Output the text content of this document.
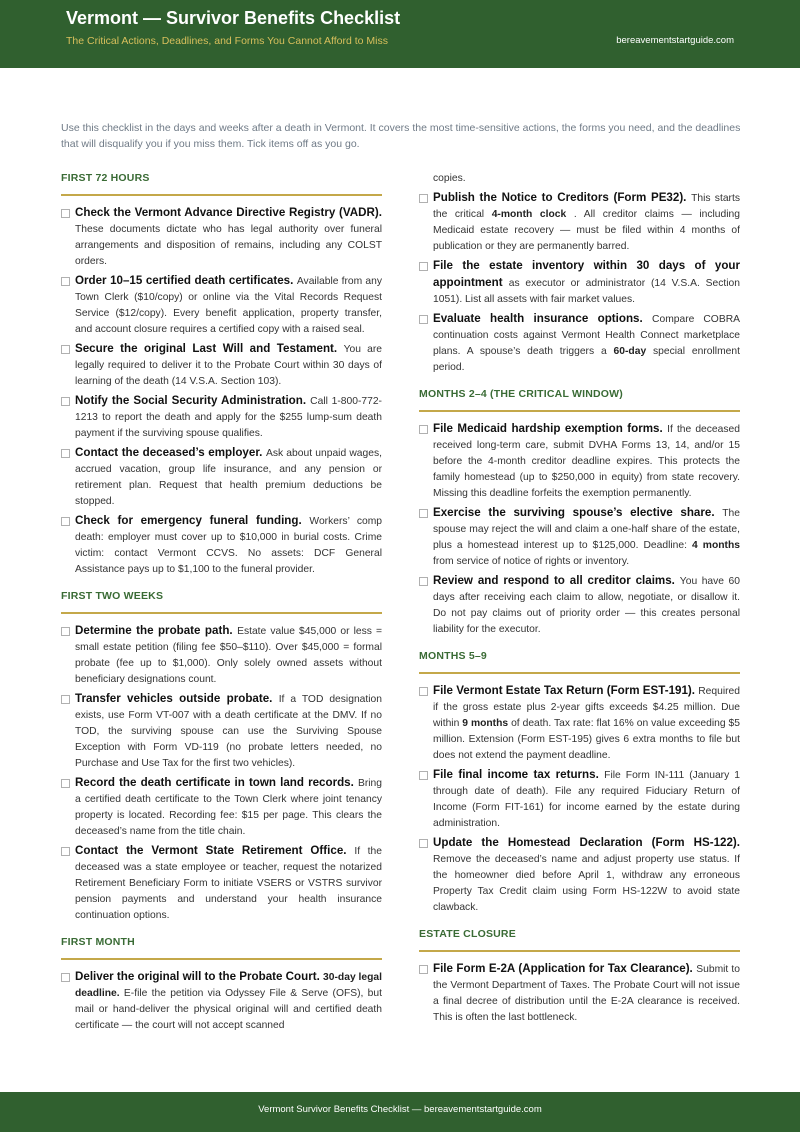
Vermont — Survivor Benefits Checklist
The Critical Actions, Deadlines, and Forms You Cannot Afford to Miss	bereavementstartguide.com

Use this checklist in the days and weeks after a death in Vermont. It covers the most time-sensitive actions, the forms you need, and the deadlines that will disqualify you if you miss them. Tick items off as you go.

FIRST 72 HOURS
Check the Vermont Advance Directive Registry (VADR). These documents dictate who has legal authority over funeral arrangements and disposition of remains, including any COLST orders.
Order 10–15 certified death certificates. Available from any Town Clerk ($10/copy) or online via the Vital Records Request Service ($12/copy). Every benefit application, property transfer, and account closure requires a certified copy with a raised seal.
Secure the original Last Will and Testament. You are legally required to deliver it to the Probate Court within 30 days of learning of the death (14 V.S.A. Section 103).
Notify the Social Security Administration. Call 1-800-772-1213 to report the death and apply for the $255 lump-sum death payment if the surviving spouse qualifies.
Contact the deceased’s employer. Ask about unpaid wages, accrued vacation, group life insurance, and any pension or retirement plan. Request that health premium deductions be stopped.
Check for emergency funeral funding. Workers’ comp death: employer must cover up to $10,000 in burial costs. Crime victim: contact Vermont CCVS. No assets: DCF General Assistance pays up to $1,100 to the funeral provider.
FIRST TWO WEEKS
Determine the probate path. Estate value $45,000 or less = small estate petition (filing fee $50–$110). Over $45,000 = formal probate (fee up to $1,000). Only solely owned assets without beneficiary designations count.
Transfer vehicles outside probate. If a TOD designation exists, use Form VT-007 with a death certificate at the DMV. If no TOD, the surviving spouse can use the Surviving Spouse Exception with Form VD-119 (no probate letters needed, no Purchase and Use Tax for the first two vehicles).
Record the death certificate in town land records. Bring a certified death certificate to the Town Clerk where joint tenancy property is located. Recording fee: $15 per page. This clears the deceased’s name from the title chain.
Contact the Vermont State Retirement Office. If the deceased was a state employee or teacher, request the notarized Retirement Beneficiary Form to initiate VSERS or VSTRS survivor pension payments and understand your health insurance continuation options.
FIRST MONTH
Deliver the original will to the Probate Court. 30-day legal deadline. E-file the petition via Odyssey File & Serve (OFS), but mail or hand-deliver the physical original will and certified death certificate — the court will not accept scanned
copies.
Publish the Notice to Creditors (Form PE32). This starts the critical 4-month clock . All creditor claims — including Medicaid estate recovery — must be filed within 4 months of publication or they are permanently barred.
File the estate inventory within 30 days of your appointment as executor or administrator (14 V.S.A. Section 1051). List all assets with fair market values.
Evaluate health insurance options. Compare COBRA continuation costs against Vermont Health Connect marketplace plans. A spouse’s death triggers a 60-day special enrollment period.
MONTHS 2–4 (THE CRITICAL WINDOW)
File Medicaid hardship exemption forms. If the deceased received long-term care, submit DVHA Forms 13, 14, and/or 15 before the 4-month creditor deadline expires. This protects the family homestead (up to $250,000 in equity) from state recovery. Missing this deadline forfeits the exemption permanently.
Exercise the surviving spouse’s elective share. The spouse may reject the will and claim a one-half share of the estate, plus a homestead interest up to $125,000. Deadline: 4 months from service of notice of rights or inventory.
Review and respond to all creditor claims. You have 60 days after receiving each claim to allow, negotiate, or disallow it. Do not pay claims out of priority order — this creates personal liability for the executor.
MONTHS 5–9
File Vermont Estate Tax Return (Form EST-191). Required if the gross estate plus 2-year gifts exceeds $4.25 million. Due within 9 months of death. Tax rate: flat 16% on value exceeding $5 million. Extension (Form EST-195) gives 6 extra months to file but does not extend the payment deadline.
File final income tax returns. File Form IN-111 (January 1 through date of death). File any required Fiduciary Return of Income (Form FIT-161) for income earned by the estate during administration.
Update the Homestead Declaration (Form HS-122). Remove the deceased’s name and adjust property use status. If the homeowner died before April 1, withdraw any erroneous Property Tax Credit claim using Form HS-122W to avoid state clawback.
ESTATE CLOSURE
File Form E-2A (Application for Tax Clearance). Submit to the Vermont Department of Taxes. The Probate Court will not issue a final decree of distribution until the E-2A clearance is received. This is often the last bottleneck.
Vermont Survivor Benefits Checklist — bereavementstartguide.com
